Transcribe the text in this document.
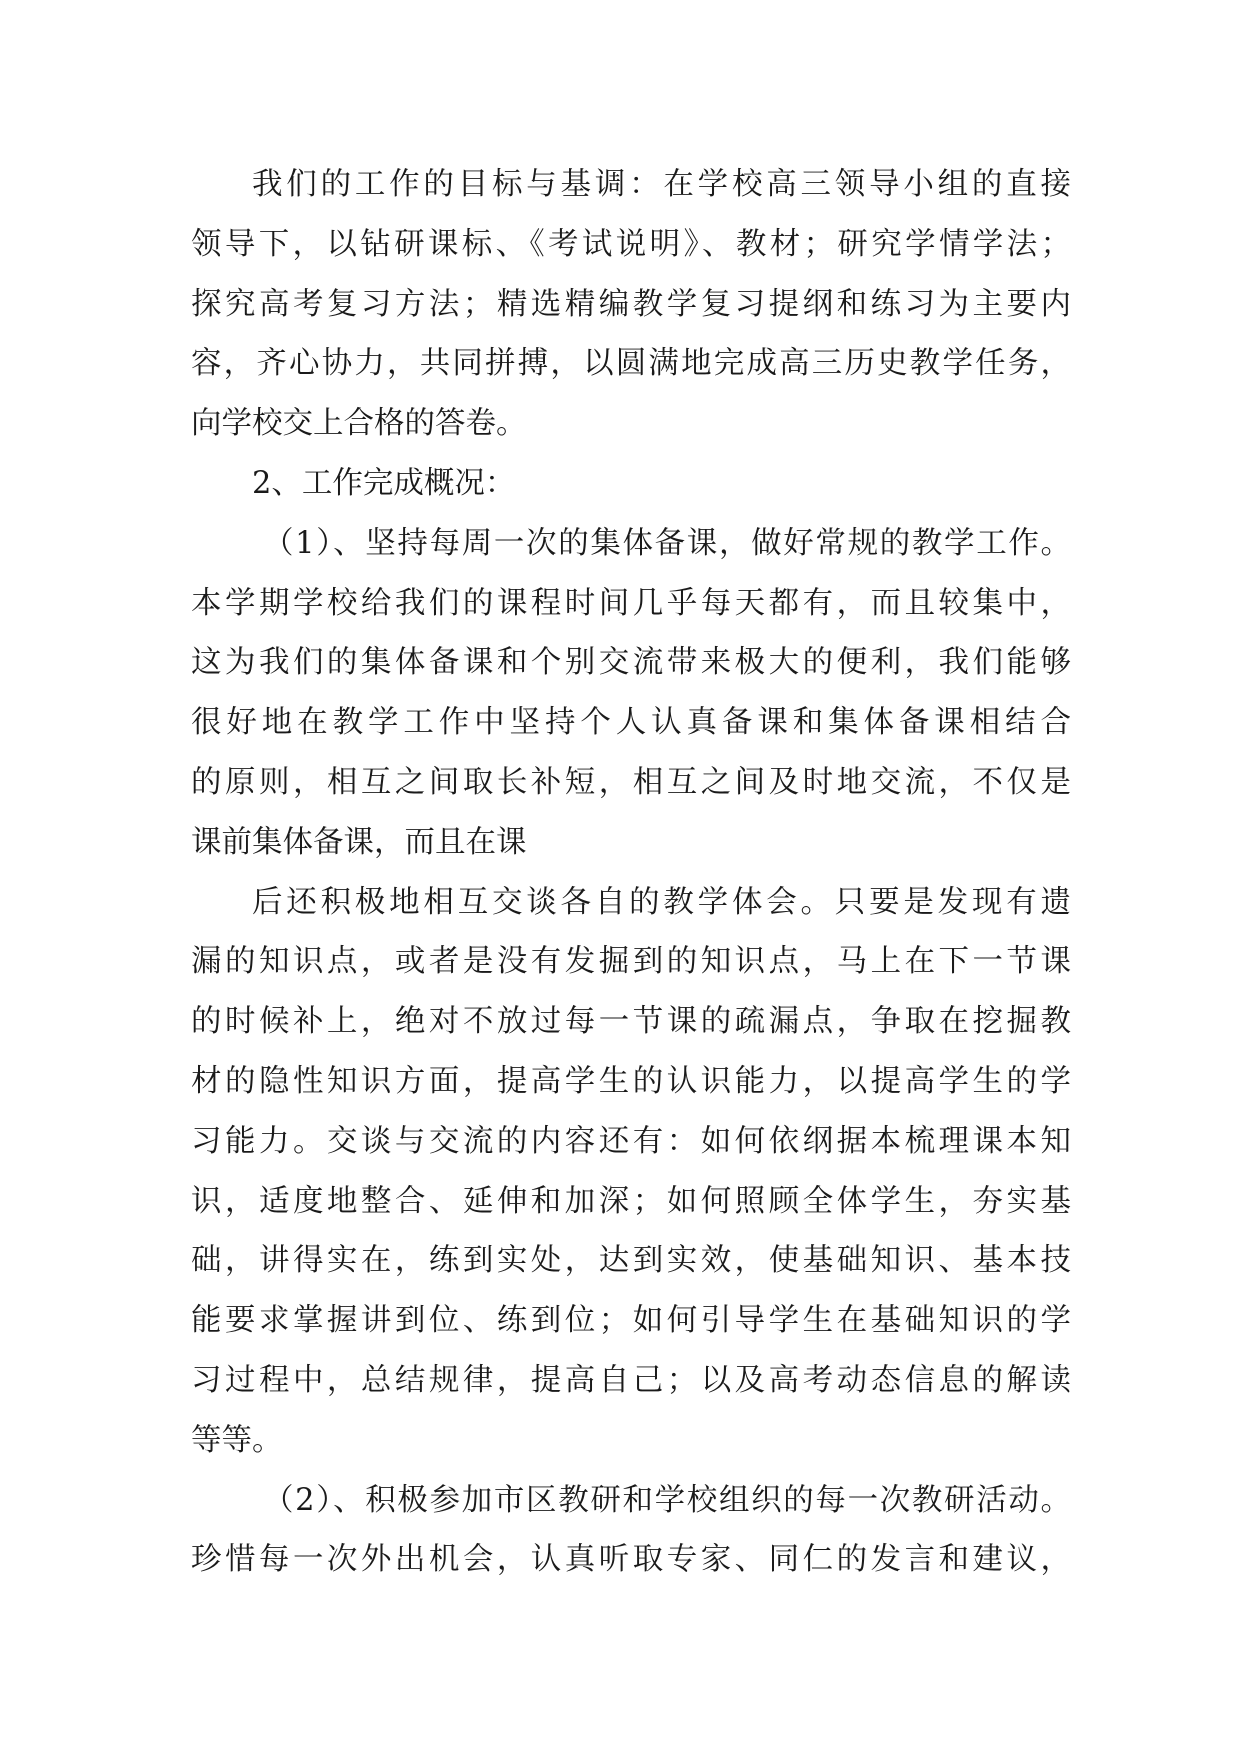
我们的工作的目标与基调：在学校高三领导小组的直接
领导下，以钻研课标、《考试说明》、教材；研究学情学法；
探究高考复习方法；精选精编教学复习提纲和练习为主要内
容，齐心协力，共同拼搏，以圆满地完成高三历史教学任务，
向学校交上合格的答卷。
2、工作完成概况：
（1）、坚持每周一次的集体备课，做好常规的教学工作。
本学期学校给我们的课程时间几乎每天都有，而且较集中，
这为我们的集体备课和个别交流带来极大的便利，我们能够
很好地在教学工作中坚持个人认真备课和集体备课相结合
的原则，相互之间取长补短，相互之间及时地交流，不仅是
课前集体备课，而且在课
后还积极地相互交谈各自的教学体会。只要是发现有遗
漏的知识点，或者是没有发掘到的知识点，马上在下一节课
的时候补上，绝对不放过每一节课的疏漏点，争取在挖掘教
材的隐性知识方面，提高学生的认识能力，以提高学生的学
习能力。交谈与交流的内容还有：如何依纲据本梳理课本知
识，适度地整合、延伸和加深；如何照顾全体学生，夯实基
础，讲得实在，练到实处，达到实效，使基础知识、基本技
能要求掌握讲到位、练到位；如何引导学生在基础知识的学
习过程中，总结规律，提高自己；以及高考动态信息的解读
等等。
（2）、积极参加市区教研和学校组织的每一次教研活动。
珍惜每一次外出机会，认真听取专家、同仁的发言和建议，
